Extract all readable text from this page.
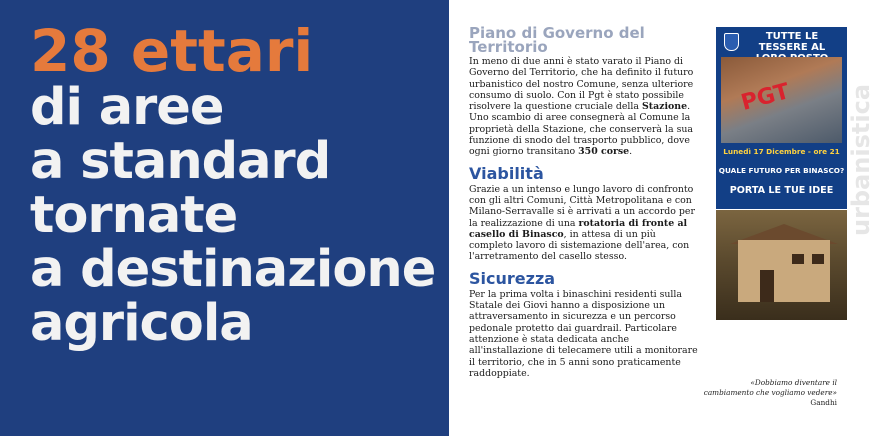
28 ettari
di aree
a standard
tornate
a destinazione
agricola
Piano di Governo del Territorio

In meno di due anni è stato varato il Piano di Governo del Territorio, che ha definito il futuro urbanistico del nostro Comune, senza ulteriore consumo di suolo. Con il Pgt è stato possibile risolvere la questione cruciale della Stazione. Uno scambio di aree consegnerà al Comune la proprietà della Stazione, che conserverà la sua funzione di snodo del trasporto pubblico, dove ogni giorno transitano 350 corse.

Viabilità

Grazie a un intenso e lungo lavoro di confronto con gli altri Comuni, Città Metropolitana e con Milano-Serravalle si è arrivati a un accordo per la realizzazione di una rotatoria di fronte al casello di Binasco, in attesa di un più completo lavoro di sistemazione dell'area, con l'arretramento del casello stesso.

Sicurezza

Per la prima volta i binaschini residenti sulla Statale dei Giovi hanno a disposizione un attraversamento in sicurezza e un percorso pedonale protetto dai guardrail. Particolare attenzione è stata dedicata anche all'installazione di telecamere utili a monitorare il territorio, che in 5 anni sono praticamente raddoppiate.

TUTTE LE TESSERE AL
PGT
Lunedì 17 Dicembre - ore 21
QUALE FUTURO PER BINASCO?
PORTA LE TUE IDEE urbanistica
«Dobbiamo diventare il cambiamento che vogliamo vedere»
Gandhi
